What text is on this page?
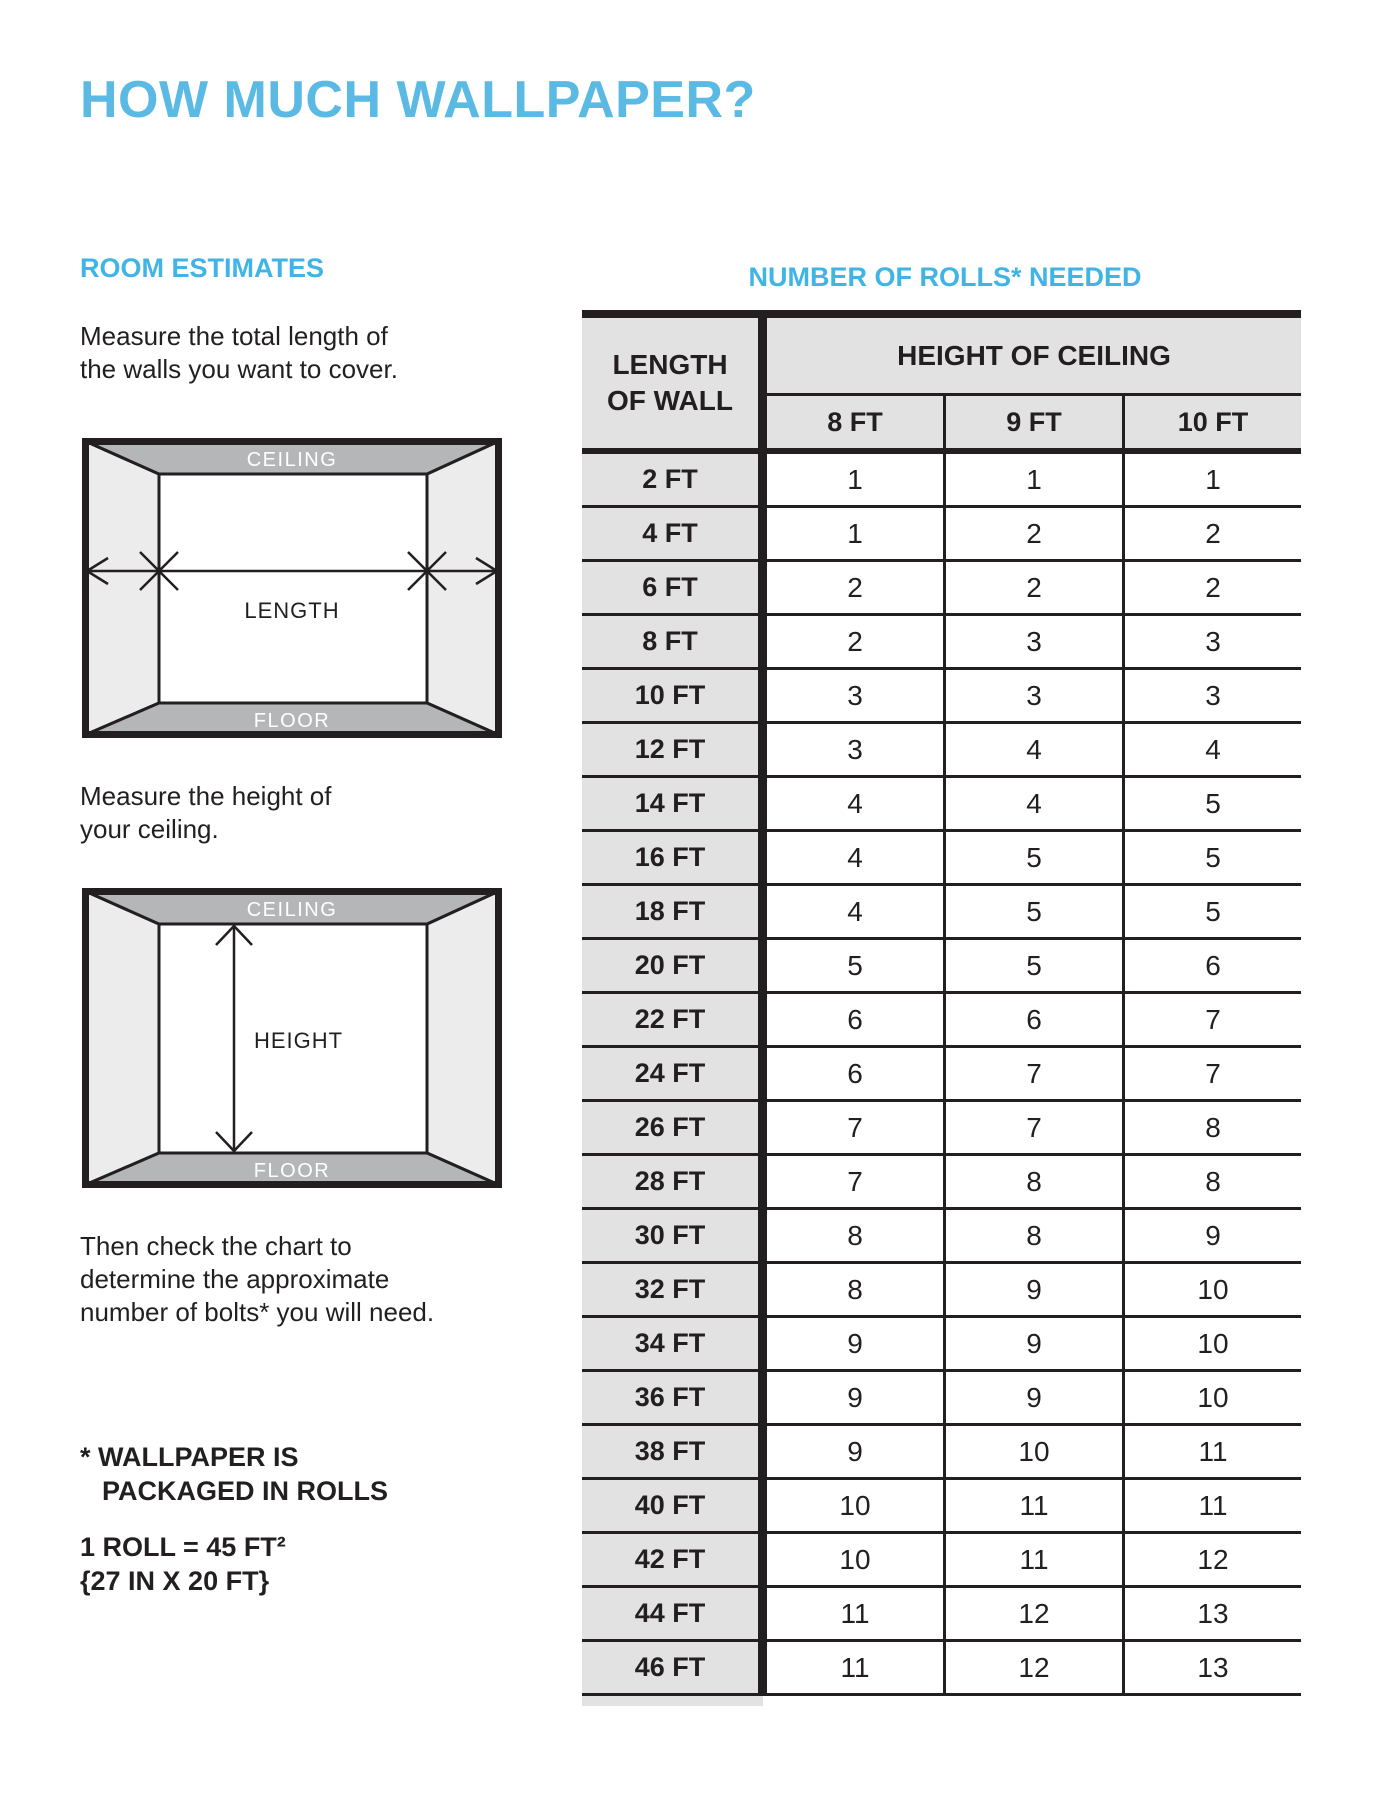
HOW MUCH WALLPAPER?
ROOM ESTIMATES
Measure the total length of
the walls you want to cover.
CEILING
FLOOR
LENGTH
Measure the height of
your ceiling.
CEILING
FLOOR
HEIGHT
Then check the chart to
determine the approximate
number of bolts* you will need.
* WALLPAPER IS
PACKAGED IN ROLLS
1 ROLL = 45 FT²
{27 IN X 20 FT}
NUMBER OF ROLLS* NEEDED
LENGTH
OF WALL	HEIGHT OF CEILING		
	8 FT	9 FT	10 FT
2 FT	1	1	1
4 FT	1	2	2
6 FT	2	2	2
8 FT	2	3	3
10 FT	3	3	3
12 FT	3	4	4
14 FT	4	4	5
16 FT	4	5	5
18 FT	4	5	5
20 FT	5	5	6
22 FT	6	6	7
24 FT	6	7	7
26 FT	7	7	8
28 FT	7	8	8
30 FT	8	8	9
32 FT	8	9	10
34 FT	9	9	10
36 FT	9	9	10
38 FT	9	10	11
40 FT	10	11	11
42 FT	10	11	12
44 FT	11	12	13
46 FT	11	12	13
